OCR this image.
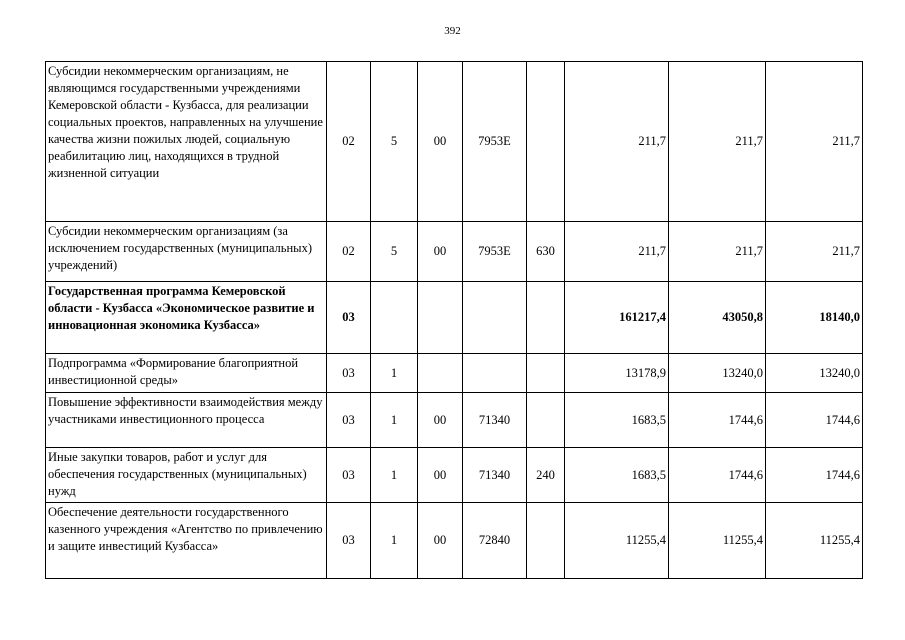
392
Субсидии некоммерческим организациям, не являющимся государственными учреждениями Кемеровской области - Кузбасса, для реализации социальных проектов, направленных на улучшение качества жизни пожилых людей, социальную реабилитацию лиц, находящихся в трудной жизненной ситуации	02	5	00	7953E		211,7	211,7	211,7
Субсидии некоммерческим организациям (за исключением государственных (муниципальных) учреждений)	02	5	00	7953E	630	211,7	211,7	211,7
Государственная программа Кемеровской области - Кузбасса «Экономическое развитие и инновационная экономика Кузбасса»	03					161217,4	43050,8	18140,0
Подпрограмма «Формирование благоприятной инвестиционной среды»	03	1				13178,9	13240,0	13240,0
Повышение эффективности взаимодействия между участниками инвестиционного процесса	03	1	00	71340		1683,5	1744,6	1744,6
Иные закупки товаров, работ и услуг для обеспечения государственных (муниципальных) нужд	03	1	00	71340	240	1683,5	1744,6	1744,6
Обеспечение деятельности государственного казенного учреждения «Агентство по привлечению и защите инвестиций Кузбасса»	03	1	00	72840		11255,4	11255,4	11255,4
